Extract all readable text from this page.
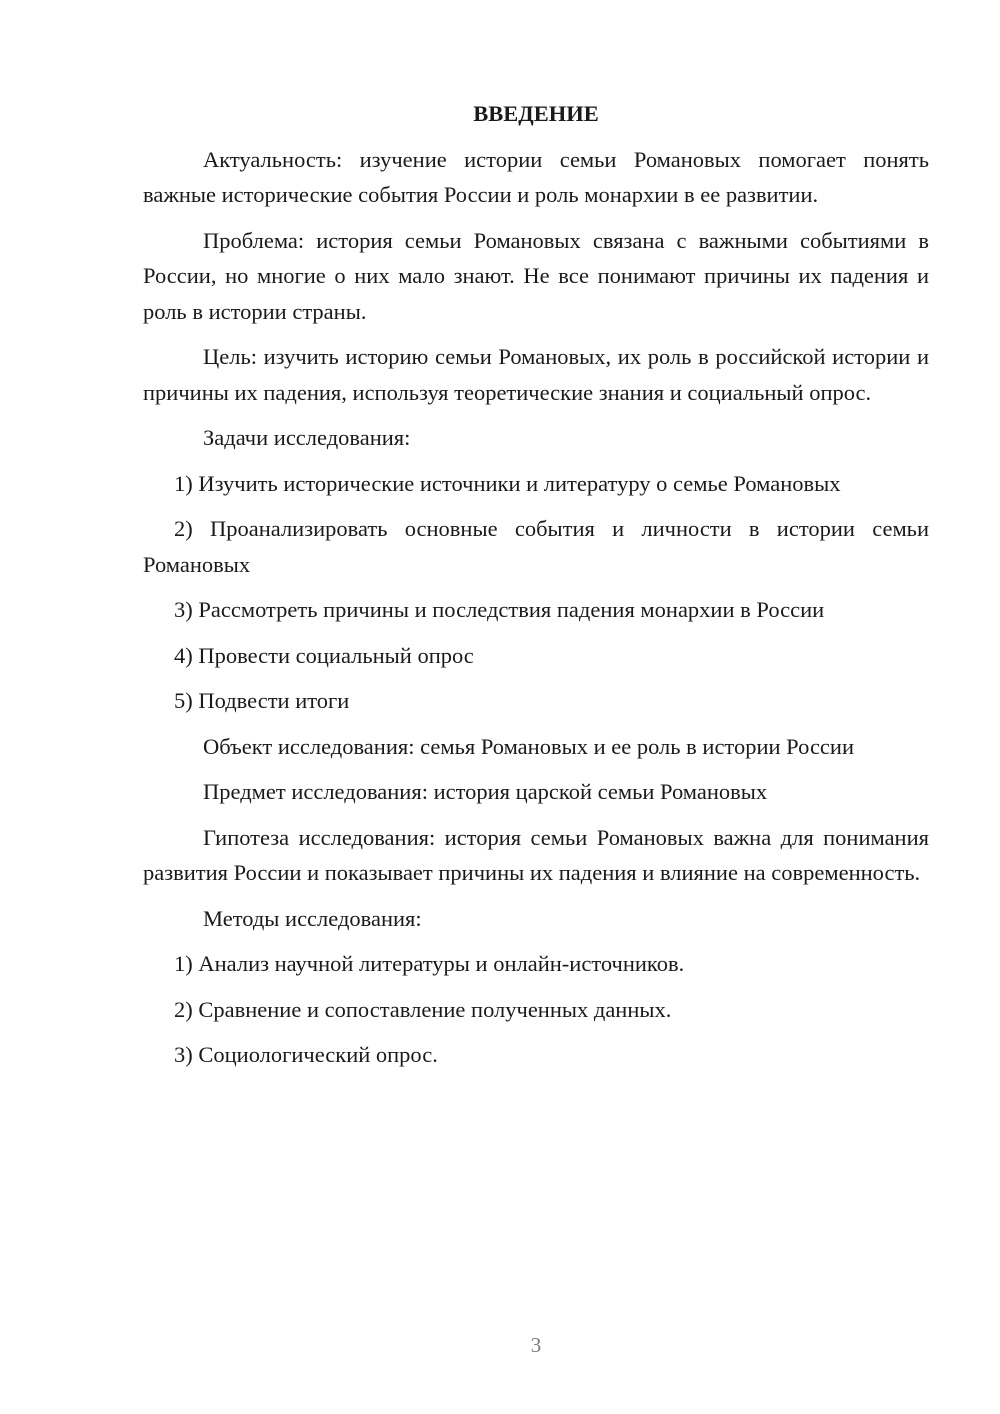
ВВЕДЕНИЕ
Актуальность: изучение истории семьи Романовых помогает понять важные исторические события России и роль монархии в ее развитии.
Проблема: история семьи Романовых связана с важными событиями в России, но многие о них мало знают. Не все понимают причины их падения и роль в истории страны.
Цель: изучить историю семьи Романовых, их роль в российской истории и причины их падения, используя теоретические знания и социальный опрос.
Задачи исследования:
1) Изучить исторические источники и литературу о семье Романовых
2) Проанализировать основные события и личности в истории семьи Романовых
3) Рассмотреть причины и последствия падения монархии в России
4) Провести социальный опрос
5) Подвести итоги
Объект исследования: семья Романовых и ее роль в истории России
Предмет исследования: история царской семьи Романовых
Гипотеза исследования: история семьи Романовых важна для понимания развития России и показывает причины их падения и влияние на современность.
Методы исследования:
1) Анализ научной литературы и онлайн-источников.
2) Сравнение и сопоставление полученных данных.
3) Социологический опрос.
3
